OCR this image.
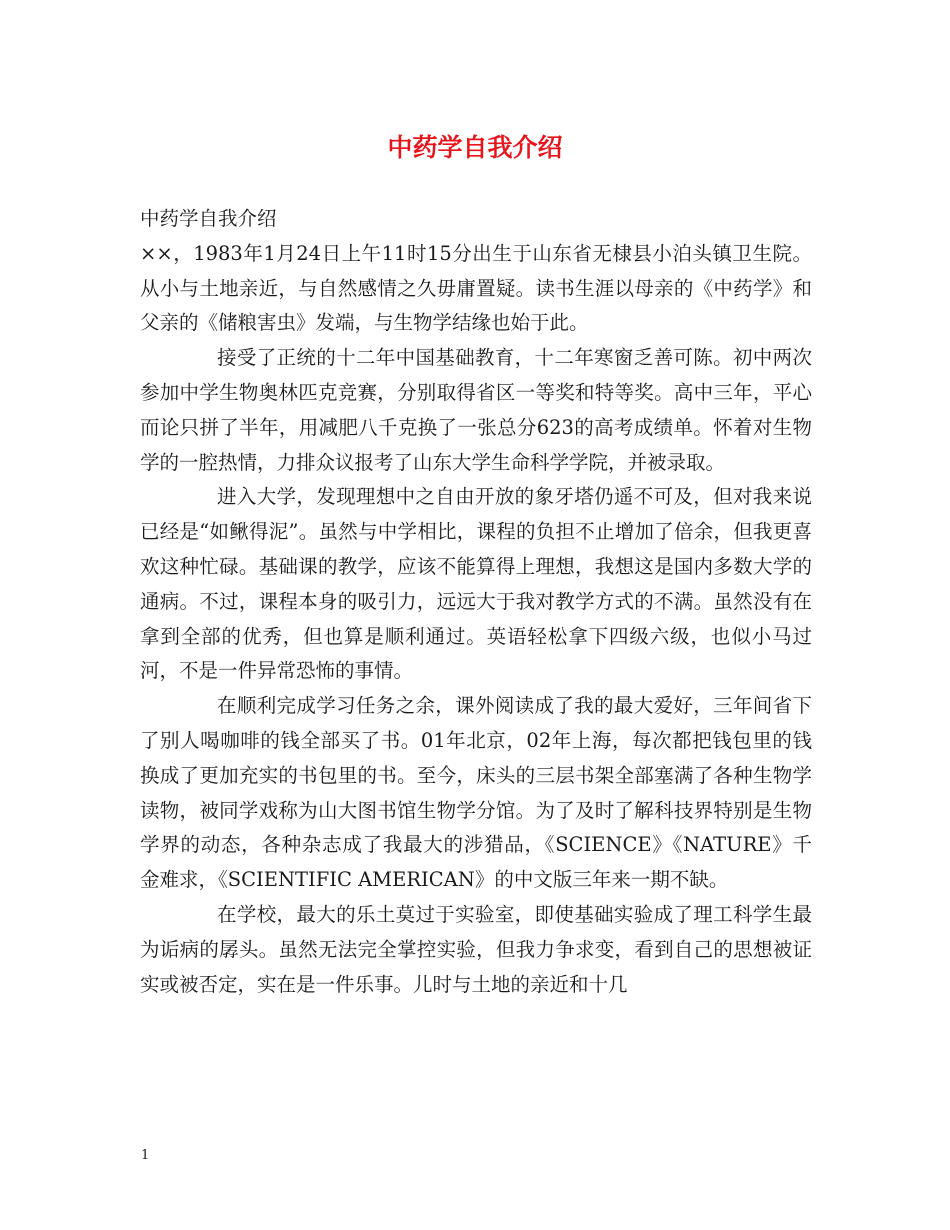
中药学自我介绍

中药学自我介绍

××，1983年1月24日上午11时15分出生于山东省无棣县小泊头镇卫生院。从小与土地亲近，与自然感情之久毋庸置疑。读书生涯以母亲的《中药学》和父亲的《储粮害虫》发端，与生物学结缘也始于此。

接受了正统的十二年中国基础教育，十二年寒窗乏善可陈。初中两次参加中学生物奥林匹克竞赛，分别取得省区一等奖和特等奖。高中三年，平心而论只拼了半年，用减肥八千克换了一张总分623的高考成绩单。怀着对生物学的一腔热情，力排众议报考了山东大学生命科学学院，并被录取。

进入大学，发现理想中之自由开放的象牙塔仍遥不可及，但对我来说已经是“如鳅得泥”。虽然与中学相比，课程的负担不止增加了倍余，但我更喜欢这种忙碌。基础课的教学，应该不能算得上理想，我想这是国内多数大学的通病。不过，课程本身的吸引力，远远大于我对教学方式的不满。虽然没有在拿到全部的优秀，但也算是顺利通过。英语轻松拿下四级六级，也似小马过河，不是一件异常恐怖的事情。

在顺利完成学习任务之余，课外阅读成了我的最大爱好，三年间省下了别人喝咖啡的钱全部买了书。01年北京，02年上海，每次都把钱包里的钱换成了更加充实的书包里的书。至今，床头的三层书架全部塞满了各种生物学读物，被同学戏称为山大图书馆生物学分馆。为了及时了解科技界特别是生物学界的动态，各种杂志成了我最大的涉猎品，《SCIENCE》《NATURE》千金难求，《SCIENTIFIC AMERICAN》的中文版三年来一期不缺。

在学校，最大的乐土莫过于实验室，即使基础实验成了理工科学生最为诟病的孱头。虽然无法完全掌控实验，但我力争求变，看到自己的思想被证实或被否定，实在是一件乐事。儿时与土地的亲近和十几

1
